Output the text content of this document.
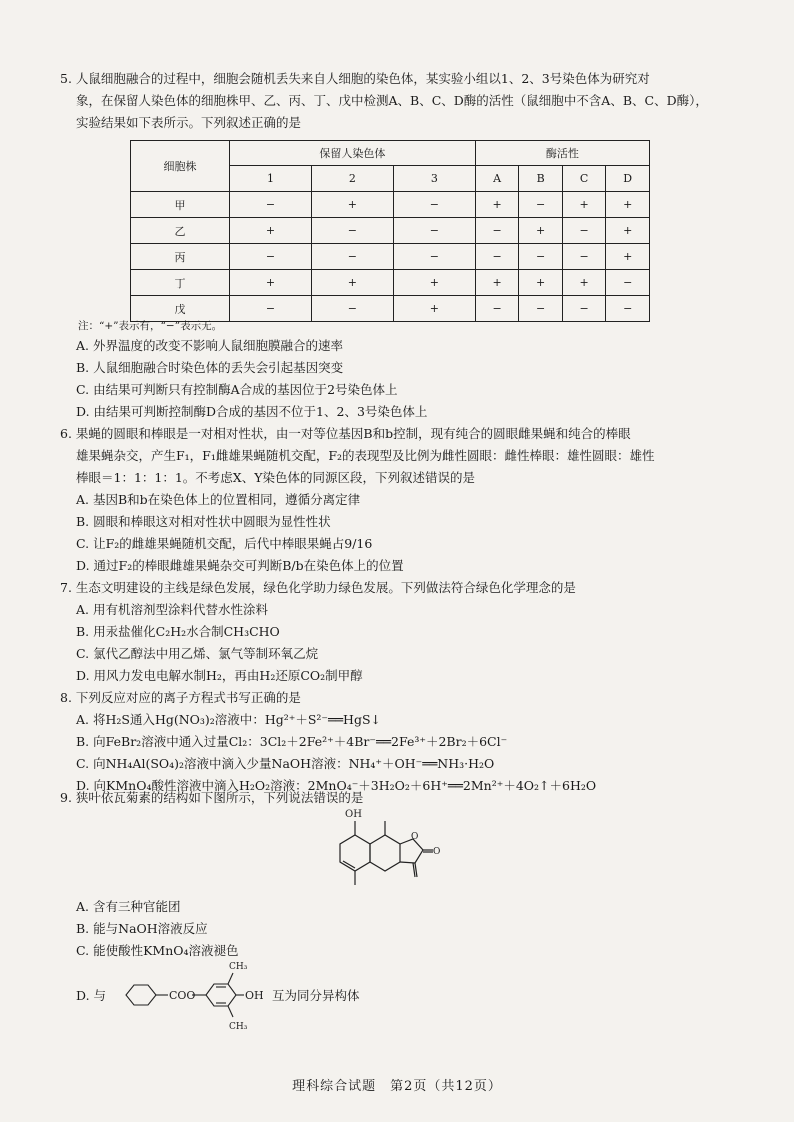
5. 人鼠细胞融合的过程中，细胞会随机丢失来自人细胞的染色体，某实验小组以1、2、3号染色体为研究对

象，在保留人染色体的细胞株甲、乙、丙、丁、戊中检测A、B、C、D酶的活性（鼠细胞中不含A、B、C、D酶），

实验结果如下表所示。下列叙述正确的是

细胞株	保留人染色体			酶活性			
	1	2	3	A	B	C	D
甲	−	+	−	+	−	+	+
乙	+	−	−	−	+	−	+
丙	−	−	−	−	−	−	+
丁	+	+	+	+	+	+	−
戊	−	−	+	−	−	−	−
注：“+”表示有，“−”表示无。

A. 外界温度的改变不影响人鼠细胞膜融合的速率

B. 人鼠细胞融合时染色体的丢失会引起基因突变

C. 由结果可判断只有控制酶A合成的基因位于2号染色体上

D. 由结果可判断控制酶D合成的基因不位于1、2、3号染色体上

6. 果蝇的圆眼和棒眼是一对相对性状，由一对等位基因B和b控制，现有纯合的圆眼雌果蝇和纯合的棒眼

雄果蝇杂交，产生F₁，F₁雌雄果蝇随机交配，F₂的表现型及比例为雌性圆眼：雌性棒眼：雄性圆眼：雄性

棒眼＝1：1：1：1。不考虑X、Y染色体的同源区段，下列叙述错误的是

A. 基因B和b在染色体上的位置相同，遵循分离定律

B. 圆眼和棒眼这对相对性状中圆眼为显性性状

C. 让F₂的雌雄果蝇随机交配，后代中棒眼果蝇占9/16

D. 通过F₂的棒眼雌雄果蝇杂交可判断B/b在染色体上的位置

7. 生态文明建设的主线是绿色发展，绿色化学助力绿色发展。下列做法符合绿色化学理念的是

A. 用有机溶剂型涂料代替水性涂料

B. 用汞盐催化C₂H₂水合制CH₃CHO

C. 氯代乙醇法中用乙烯、氯气等制环氧乙烷

D. 用风力发电电解水制H₂，再由H₂还原CO₂制甲醇

8. 下列反应对应的离子方程式书写正确的是

A. 将H₂S通入Hg(NO₃)₂溶液中：Hg²⁺＋S²⁻══HgS↓

B. 向FeBr₂溶液中通入过量Cl₂：3Cl₂＋2Fe²⁺＋4Br⁻══2Fe³⁺＋2Br₂＋6Cl⁻

C. 向NH₄Al(SO₄)₂溶液中滴入少量NaOH溶液：NH₄⁺＋OH⁻══NH₃·H₂O

D. 向KMnO₄酸性溶液中滴入H₂O₂溶液：2MnO₄⁻＋3H₂O₂＋6H⁺══2Mn²⁺＋4O₂↑＋6H₂O

9. 狭叶依瓦菊素的结构如下图所示，下列说法错误的是

OH
O
O

A. 含有三种官能团

B. 能与NaOH溶液反应

C. 能使酸性KMnO₄溶液褪色

D. 与	COO	OH
CH₃
CH₃

互为同分异构体

理科综合试题　第2页（共12页）
